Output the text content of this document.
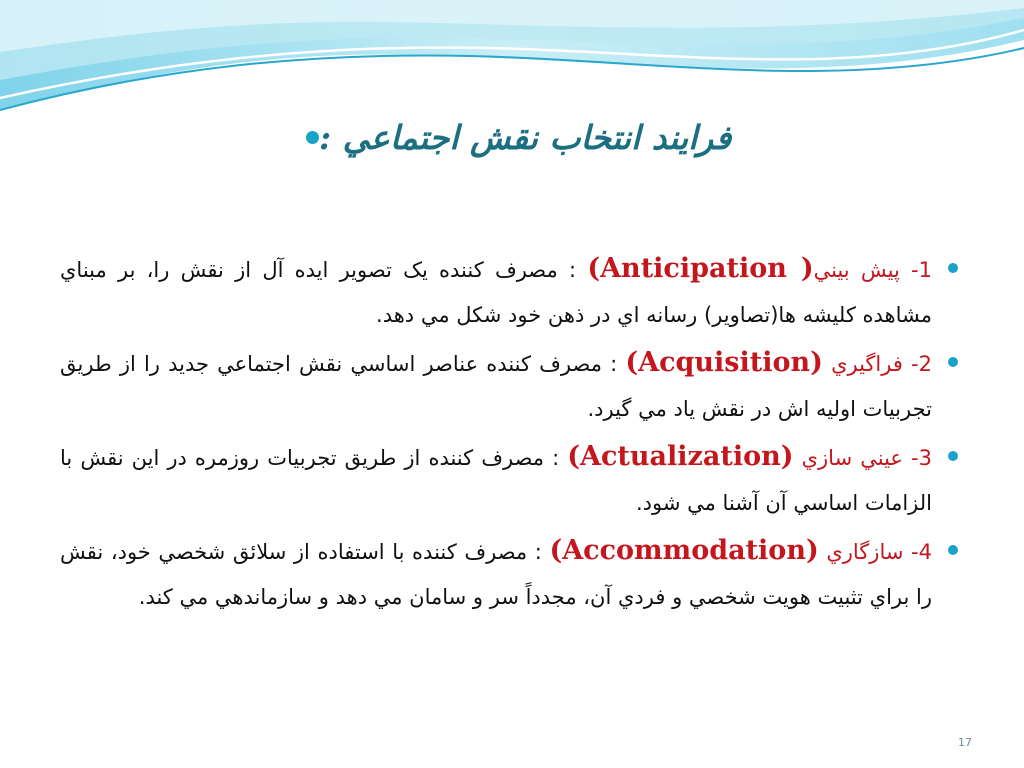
فرايند انتخاب نقش اجتماعي :
1- پيش بيني( Anticipation) : مصرف کننده يک تصوير ايده آل از نقش را، بر مبناي مشاهده کليشه ها(تصاوير) رسانه اي در ذهن خود شکل مي دهد.
2- فراگيري (Acquisition) : مصرف کننده عناصر اساسي نقش اجتماعي جديد را از طريق تجربيات اوليه اش در نقش ياد مي گيرد.
3- عيني سازي (Actualization) : مصرف کننده از طريق تجربيات روزمره در اين نقش با الزامات اساسي آن آشنا مي شود.
4- سازگاري (Accommodation) : مصرف کننده با استفاده از سلائق شخصي خود، نقش را براي تثبيت هويت شخصي و فردي آن، مجدداً سر و سامان مي دهد و سازماندهي مي کند.
17
